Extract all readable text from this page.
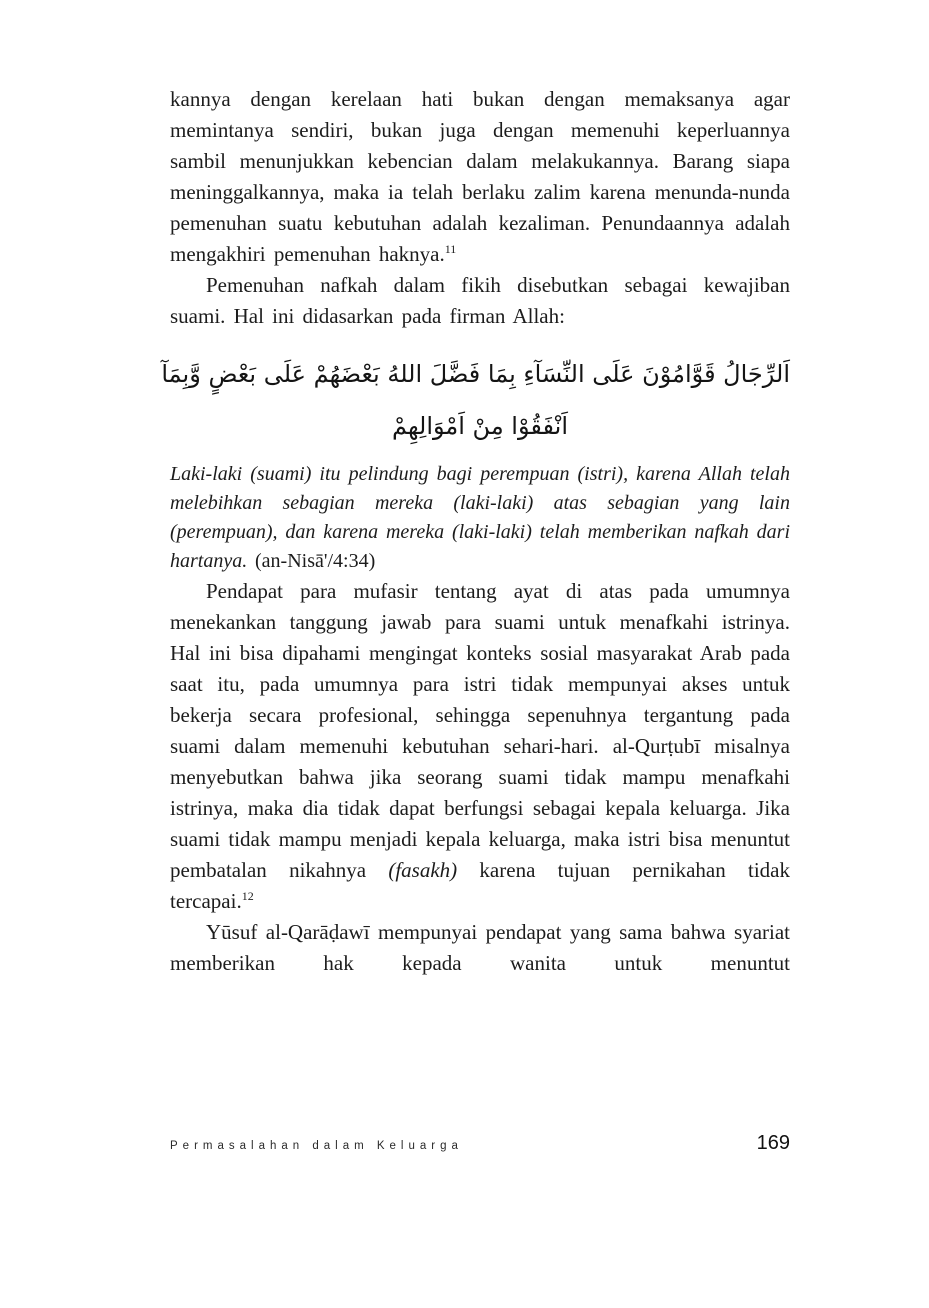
kannya dengan kerelaan hati bukan dengan memaksanya agar memintanya sendiri, bukan juga dengan memenuhi keperluannya sambil menunjukkan kebencian dalam melakukannya. Barang siapa meninggalkannya, maka ia telah berlaku zalim karena menunda-nunda pemenuhan suatu kebutuhan adalah kezaliman. Penundaannya adalah mengakhiri pemenuhan haknya.$^{11}$

Pemenuhan nafkah dalam fikih disebutkan sebagai kewajiban suami. Hal ini didasarkan pada firman Allah:

اَلرِّجَالُ قَوَّامُوْنَ عَلَى النِّسَآءِ بِمَا فَضَّلَ اللهُ بَعْضَهُمْ عَلَى بَعْضٍ وَّبِمَآ
اَنْفَقُوْا مِنْ اَمْوَالِهِمْ

Laki-laki (suami) itu pelindung bagi perempuan (istri), karena Allah telah melebihkan sebagian mereka (laki-laki) atas sebagian yang lain (perempuan), dan karena mereka (laki-laki) telah memberikan nafkah dari hartanya. (an-Nisā'/4:34)

Pendapat para mufasir tentang ayat di atas pada umumnya menekankan tanggung jawab para suami untuk menafkahi istrinya. Hal ini bisa dipahami mengingat konteks sosial masyarakat Arab pada saat itu, pada umumnya para istri tidak mempunyai akses untuk bekerja secara profesional, sehingga sepenuhnya tergantung pada suami dalam memenuhi kebutuhan sehari-hari. al-Qurṭubī misalnya menyebutkan bahwa jika seorang suami tidak mampu menafkahi istrinya, maka dia tidak dapat berfungsi sebagai kepala keluarga. Jika suami tidak mampu menjadi kepala keluarga, maka istri bisa menuntut pembatalan nikahnya (fasakh) karena tujuan pernikahan tidak tercapai.$^{12}$

Yūsuf al-Qarāḍawī mempunyai pendapat yang sama bahwa syariat memberikan hak kepada wanita untuk menuntut

Permasalahan dalam Keluarga	169
